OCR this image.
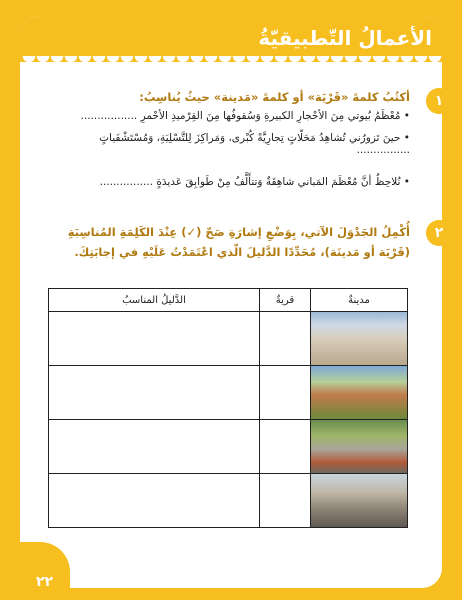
الأعمالُ التّطبيقيّةُ
١
أكتُبُ كلمةَ «قَرْيَة» أو كلمةَ «مَدينة» حيثُ يُناسِبُ:
• مُعْظَمُ بُيوتي مِنَ الأحْجارِ الكبيرةِ وَسُقوفُها مِنَ القِرْميدِ الأحْمرِ .................
• حينَ تَزورُني تُشاهِدُ مَحَلّاتٍ تِجارِيَّةً كُبْرى، وَمَراكِزَ لِلتَّسْلِيَةِ، وَمُسْتَشْفَياتٍ ................
• نُلاحِظُ أنَّ مُعْظَمَ المَباني شاهِقَةٌ وَتتأَلَّفُ مِنْ طَوابِقَ عَديدَةٍ ................
٢
أُكْمِلُ الجَدْوَلَ الآتي، بِوَضْعِ إشارَةِ صَحّ (✓) عِنْدَ الكَلِمَةِ المُناسِبَةِ (قَرْيَة أو مَدينَة)، مُحَدِّدًا الدَّليلَ الّذي اعْتَمَدْتُ عَلَيْهِ في إجابَتِكَ.
مدينةٌ	قريةٌ	الدَّليلُ المناسبُ

٢٢
